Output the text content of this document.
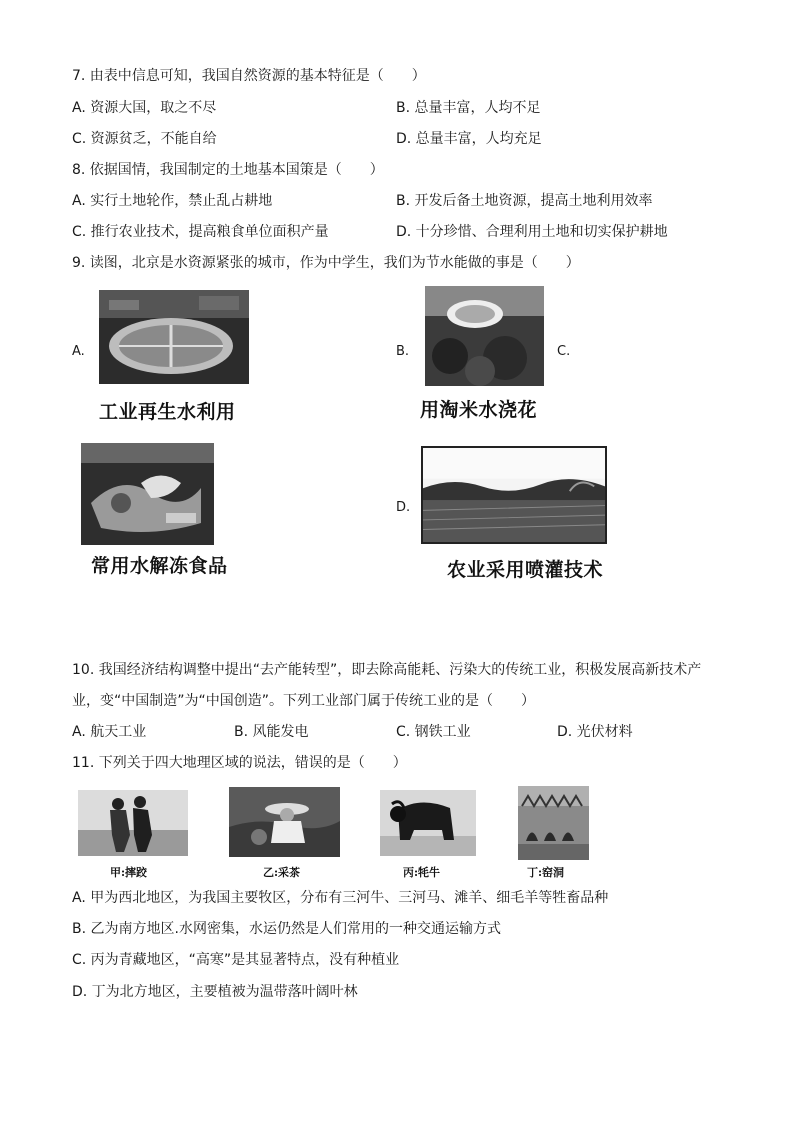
7. 由表中信息可知，我国自然资源的基本特征是（　　）
A. 资源大国，取之不尽	B. 总量丰富，人均不足
C. 资源贫乏，不能自给	D. 总量丰富，人均充足
8. 依据国情，我国制定的土地基本国策是（　　）
A. 实行土地轮作，禁止乱占耕地	B. 开发后备土地资源，提高土地利用效率
C. 推行农业技术，提高粮食单位面积产量	D. 十分珍惜、合理利用土地和切实保护耕地
9. 读图，北京是水资源紧张的城市，作为中学生，我们为节水能做的事是（　　）
A.
工业再生水利用
B.	C.
用淘米水浇花
常用水解冻食品
D.
农业采用喷灌技术
10. 我国经济结构调整中提出“去产能转型”，即去除高能耗、污染大的传统工业，积极发展高新技术产
业，变“中国制造”为“中国创造”。下列工业部门属于传统工业的是（　　）
A. 航天工业	B. 风能发电	C. 钢铁工业	D. 光伏材料
11. 下列关于四大地理区域的说法，错误的是（　　）
甲:摔跤	乙:采茶	丙:牦牛	丁:窑洞
A. 甲为西北地区，为我国主要牧区，分布有三河牛、三河马、滩羊、细毛羊等牲畜品种
B. 乙为南方地区.水网密集，水运仍然是人们常用的一种交通运输方式
C. 丙为青藏地区，“高寒”是其显著特点，没有种植业
D. 丁为北方地区，主要植被为温带落叶阔叶林
